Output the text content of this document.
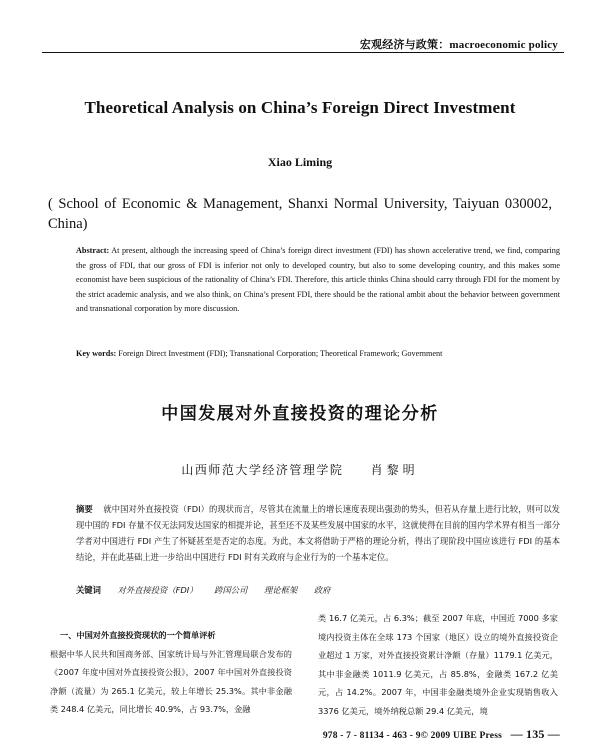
宏观经济与政策：macroeconomic policy
Theoretical Analysis on China’s Foreign Direct Investment
Xiao Liming
( School of Economic & Management, Shanxi Normal University, Taiyuan 030002, China)
Abstract: At present, although the increasing speed of China’s foreign direct investment (FDI) has shown accelerative trend, we find, comparing the gross of FDI, that our gross of FDI is inferior not only to developed country, but also to some developing country, and this makes some economist have been suspicious of the rationality of China’s FDI. Therefore, this article thinks China should carry through FDI for the moment by the strict academic analysis, and we also think, on China’s present FDI, there should be the rational ambit about the behavior between government and transnational corporation by more discussion.
Key words: Foreign Direct Investment (FDI); Transnational Corporation; Theoretical Framework; Government
中国发展对外直接投资的理论分析
山西师范大学经济管理学院 肖黎明
摘要 就中国对外直接投资（FDI）的现状而言，尽管其在流量上的增长速度表现出强劲的势头，但若从存量上进行比较，则可以发现中国的 FDI 存量不仅无法同发达国家的相提并论，甚至还不及某些发展中国家的水平，这就使得在目前的国内学术界有相当一部分学者对中国进行 FDI 产生了怀疑甚至是否定的态度。为此，本文将借助于严格的理论分析，得出了现阶段中国应该进行 FDI 的基本结论，并在此基础上进一步给出中国进行 FDI 时有关政府与企业行为的一个基本定位。
关键词 对外直接投资（FDI） 跨国公司 理论框架 政府
一、中国对外直接投资现状的一个简单评析
根据中华人民共和国商务部、国家统计局与外汇管理局联合发布的《2007 年度中国对外直接投资公报》，2007 年中国对外直接投资净额（流量）为 265.1 亿美元，较上年增长 25.3%。其中非金融类 248.4 亿美元，同比增长 40.9%，占 93.7%，金融
类 16.7 亿美元，占 6.3%；截至 2007 年底，中国近 7000 多家境内投资主体在全球 173 个国家（地区）设立的境外直接投资企业超过 1 万家，对外直接投资累计净额（存量）1179.1 亿美元，其中非金融类 1011.9 亿美元，占 85.8%，金融类 167.2 亿美元，占 14.2%。2007 年，中国非金融类境外企业实现销售收入 3376 亿美元，境外纳税总额 29.4 亿美元，境
978 - 7 - 81134 - 463 - 9© 2009 UIBE Press — 135 —
